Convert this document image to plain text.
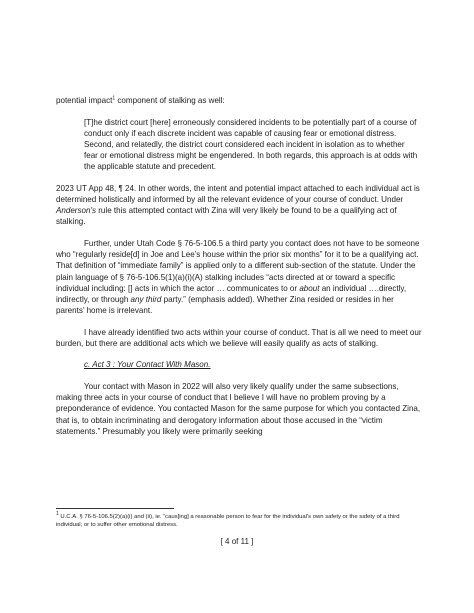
potential impact$^1$ component of stalking as well:

[T]he district court [here] erroneously considered incidents to be potentially part of a course of conduct only if each discrete incident was capable of causing fear or emotional distress. Second, and relatedly, the district court considered each incident in isolation as to whether fear or emotional distress might be engendered. In both regards, this approach is at odds with the applicable statute and precedent.

2023 UT App 48, ¶ 24. In other words, the intent and potential impact attached to each individual act is determined holistically and informed by all the relevant evidence of your course of conduct. Under Anderson's rule this attempted contact with Zina will very likely be found to be a qualifying act of stalking.

Further, under Utah Code § 76-5-106.5 a third party you contact does not have to be someone who “regularly reside[d] in Joe and Lee’s house within the prior six months” for it to be a qualifying act. That definition of “immediate family” is applied only to a different sub-section of the statute. Under the plain language of § 76-5-106.5(1)(a)(i)(A) stalking includes “acts directed at or toward a specific individual including: [] acts in which the actor … communicates to or about an individual ….directly, indirectly, or through any third party.” (emphasis added). Whether Zina resided or resides in her parents’ home is irrelevant.

I have already identified two acts within your course of conduct. That is all we need to meet our burden, but there are additional acts which we believe will easily qualify as acts of stalking.

c. Act 3 : Your Contact With Mason.

Your contact with Mason in 2022 will also very likely qualify under the same subsections, making three acts in your course of conduct that I believe I will have no problem proving by a preponderance of evidence. You contacted Mason for the same purpose for which you contacted Zina, that is, to obtain incriminating and derogatory information about those accused in the “victim statements.” Presumably you likely were primarily seeking

$^1$ U.C.A. § 76-5-106.5(2)(a)(i) and (ii), ie. “caus[ing] a reasonable person to fear for the individual’s own safety or the safety of a third individual; or to suffer other emotional distress.
[ 4 of 11 ]
